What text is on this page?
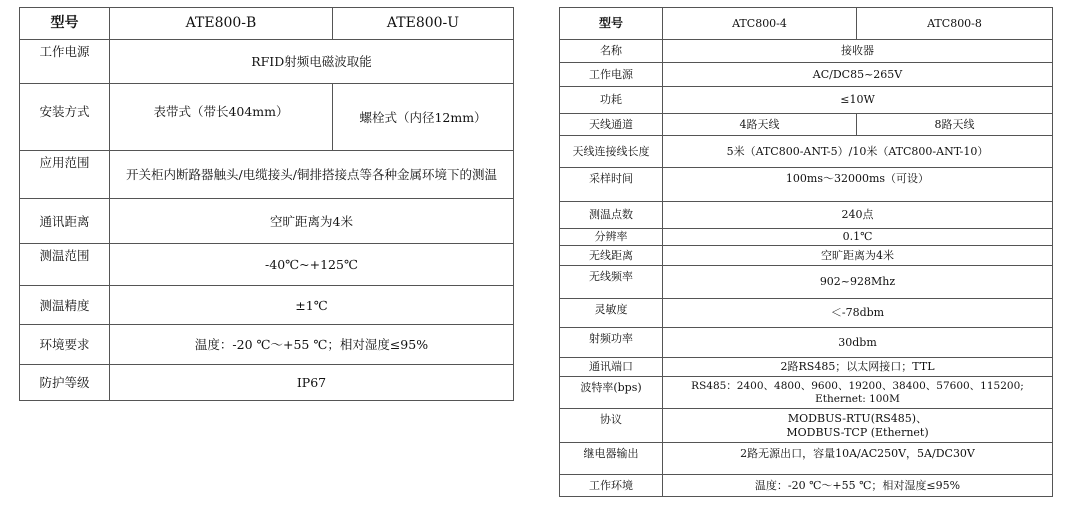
型号	ATE800-B	ATE800-U
工作电源	RFID射频电磁波取能	
安装方式	表带式（带长404mm）	螺栓式（内径12mm）
应用范围	开关柜内断路器触头/电缆接头/铜排搭接点等各种金属环境下的测温	
通讯距离	空旷距离为4米	
测温范围	-40℃~+125℃	
测温精度	±1℃	
环境要求	温度：-20 ℃～+55 ℃；相对湿度≤95%	
防护等级	IP67	
型号	ATC800-4	ATC800-8
名称	接收器	
工作电源	AC/DC85~265V	
功耗	≤10W	
天线通道	4路天线	8路天线
天线连接线长度	5米（ATC800-ANT-5）/10米（ATC800-ANT-10）	
采样时间	100ms～32000ms（可设）	
测温点数	240点	
分辨率	0.1℃	
无线距离	空旷距离为4米	
无线频率	902~928Mhz	
灵敏度	＜-78dbm	
射频功率	30dbm	
通讯端口	2路RS485；以太网接口；TTL	
波特率(bps)	RS485：2400、4800、9600、19200、38400、57600、115200;
Ethernet: 100M	

协议	MODBUS-RTU(RS485)、
MODBUS-TCP (Ethernet)	

继电器输出	2路无源出口，容量10A/AC250V，5A/DC30V	
工作环境	温度：-20 ℃～+55 ℃；相对湿度≤95%	
